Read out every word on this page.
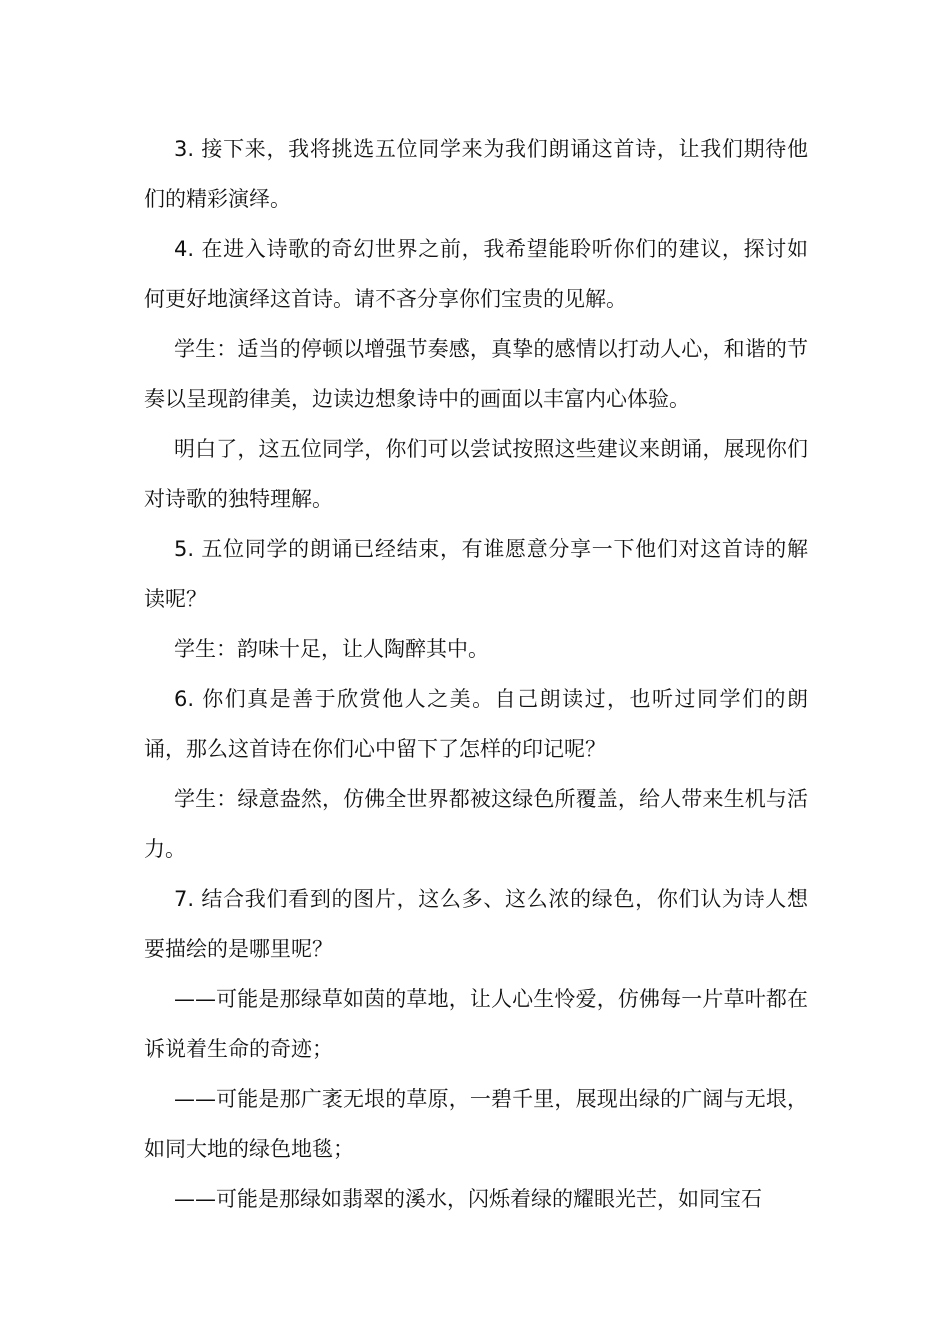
3. 接下来，我将挑选五位同学来为我们朗诵这首诗，让我们期待他们的精彩演绎。

4. 在进入诗歌的奇幻世界之前，我希望能聆听你们的建议，探讨如何更好地演绎这首诗。请不吝分享你们宝贵的见解。

学生：适当的停顿以增强节奏感，真挚的感情以打动人心，和谐的节奏以呈现韵律美，边读边想象诗中的画面以丰富内心体验。

明白了，这五位同学，你们可以尝试按照这些建议来朗诵，展现你们对诗歌的独特理解。

5. 五位同学的朗诵已经结束，有谁愿意分享一下他们对这首诗的解读呢？

学生：韵味十足，让人陶醉其中。

6. 你们真是善于欣赏他人之美。自己朗读过，也听过同学们的朗诵，那么这首诗在你们心中留下了怎样的印记呢？

学生：绿意盎然，仿佛全世界都被这绿色所覆盖，给人带来生机与活力。

7. 结合我们看到的图片，这么多、这么浓的绿色，你们认为诗人想要描绘的是哪里呢？

——可能是那绿草如茵的草地，让人心生怜爱，仿佛每一片草叶都在诉说着生命的奇迹；

——可能是那广袤无垠的草原，一碧千里，展现出绿的广阔与无垠，如同大地的绿色地毯；

——可能是那绿如翡翠的溪水，闪烁着绿的耀眼光芒，如同宝石
